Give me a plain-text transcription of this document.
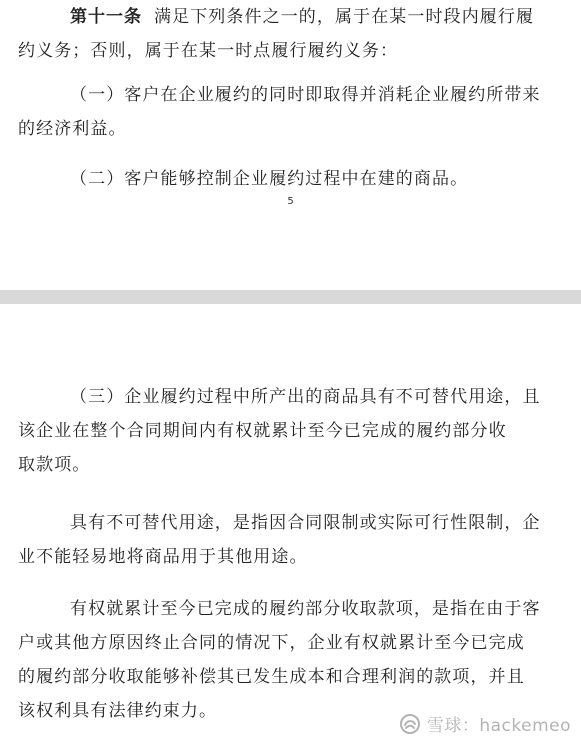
第十一条 满足下列条件之一的，属于在某一时段内履行履
约义务；否则，属于在某一时点履行履约义务：
（一）客户在企业履约的同时即取得并消耗企业履约所带来
的经济利益。
（二）客户能够控制企业履约过程中在建的商品。
5
（三）企业履约过程中所产出的商品具有不可替代用途，且
该企业在整个合同期间内有权就累计至今已完成的履约部分收
取款项。
具有不可替代用途，是指因合同限制或实际可行性限制，企
业不能轻易地将商品用于其他用途。
有权就累计至今已完成的履约部分收取款项，是指在由于客
户或其他方原因终止合同的情况下，企业有权就累计至今已完成
的履约部分收取能够补偿其已发生成本和合理利润的款项，并且
该权利具有法律约束力。
雪球：hackemeo
